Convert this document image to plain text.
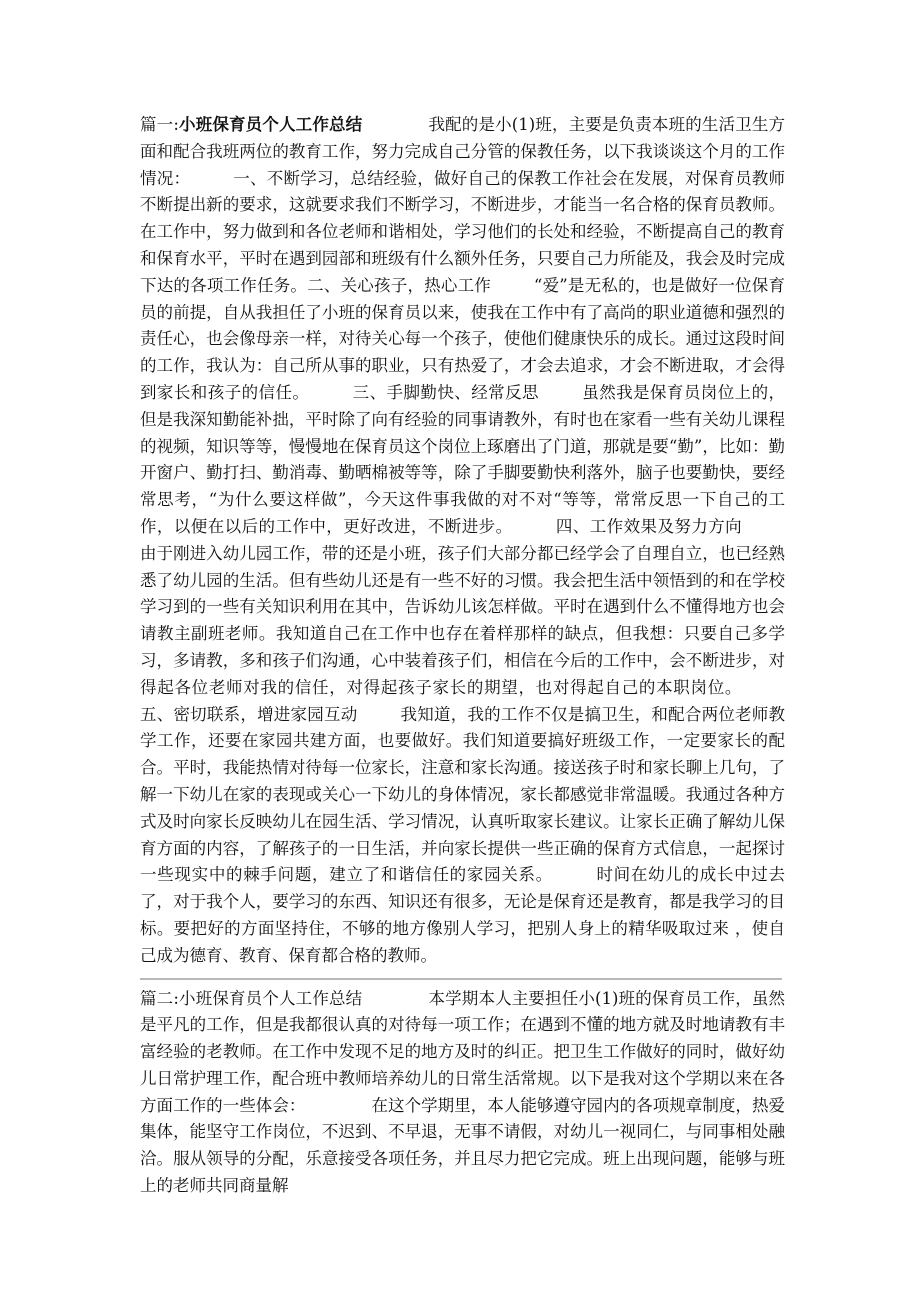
篇一:小班保育员个人工作总结	我配的是小(1)班，主要是负责本班的生活卫生方面和配合我班两位的教育工作，努力完成自己分管的保教任务，以下我谈谈这个月的工作情况：	一、不断学习，总结经验，做好自己的保教工作社会在发展，对保育员教师不断提出新的要求，这就要求我们不断学习，不断进步，才能当一名合格的保育员教师。在工作中，努力做到和各位老师和谐相处，学习他们的长处和经验，不断提高自己的教育和保育水平，平时在遇到园部和班级有什么额外任务，只要自己力所能及，我会及时完成下达的各项工作任务。二、关心孩子，热心工作	“爱”是无私的，也是做好一位保育员的前提，自从我担任了小班的保育员以来，使我在工作中有了高尚的职业道德和强烈的责任心，也会像母亲一样，对待关心每一个孩子，使他们健康快乐的成长。通过这段时间的工作，我认为：自己所从事的职业，只有热爱了，才会去追求，才会不断进取，才会得到家长和孩子的信任。	三、手脚勤快、经常反思	虽然我是保育员岗位上的，但是我深知勤能补拙，平时除了向有经验的同事请教外，有时也在家看一些有关幼儿课程的视频，知识等等，慢慢地在保育员这个岗位上琢磨出了门道，那就是要“勤”，比如：勤开窗户、勤打扫、勤消毒、勤晒棉被等等，除了手脚要勤快利落外，脑子也要勤快，要经常思考，“为什么要这样做”，今天这件事我做的对不对“等等，常常反思一下自己的工作，以便在以后的工作中，更好改进，不断进步。	四、工作效果及努力方向由于刚进入幼儿园工作，带的还是小班，孩子们大部分都已经学会了自理自立，也已经熟悉了幼儿园的生活。但有些幼儿还是有一些不好的习惯。我会把生活中领悟到的和在学校学习到的一些有关知识利用在其中，告诉幼儿该怎样做。平时在遇到什么不懂得地方也会请教主副班老师。我知道自己在工作中也存在着样那样的缺点，但我想：只要自己多学习，多请教，多和孩子们沟通，心中装着孩子们，相信在今后的工作中，会不断进步，对得起各位老师对我的信任，对得起孩子家长的期望，也对得起自己的本职岗位。五、密切联系，增进家园互动	我知道，我的工作不仅是搞卫生，和配合两位老师教学工作，还要在家园共建方面，也要做好。我们知道要搞好班级工作，一定要家长的配合。平时，我能热情对待每一位家长，注意和家长沟通。接送孩子时和家长聊上几句，了解一下幼儿在家的表现或关心一下幼儿的身体情况，家长都感觉非常温暖。我通过各种方式及时向家长反映幼儿在园生活、学习情况，认真听取家长建议。让家长正确了解幼儿保育方面的内容，了解孩子的一日生活，并向家长提供一些正确的保育方式信息，一起探讨一些现实中的棘手问题，建立了和谐信任的家园关系。	时间在幼儿的成长中过去了，对于我个人，要学习的东西、知识还有很多，无论是保育还是教育，都是我学习的目标。要把好的方面坚持住，不够的地方像别人学习，把别人身上的精华吸取过来 ，使自己成为德育、教育、保育都合格的教师。

篇二:小班保育员个人工作总结	本学期本人主要担任小(1)班的保育员工作，虽然是平凡的工作，但是我都很认真的对待每一项工作；在遇到不懂的地方就及时地请教有丰富经验的老教师。在工作中发现不足的地方及时的纠正。把卫生工作做好的同时，做好幼儿日常护理工作，配合班中教师培养幼儿的日常生活常规。以下是我对这个学期以来在各方面工作的一些体会：	在这个学期里，本人能够遵守园内的各项规章制度，热爱集体，能坚守工作岗位，不迟到、不早退，无事不请假，对幼儿一视同仁，与同事相处融洽。服从领导的分配，乐意接受各项任务，并且尽力把它完成。班上出现问题，能够与班上的老师共同商量解
